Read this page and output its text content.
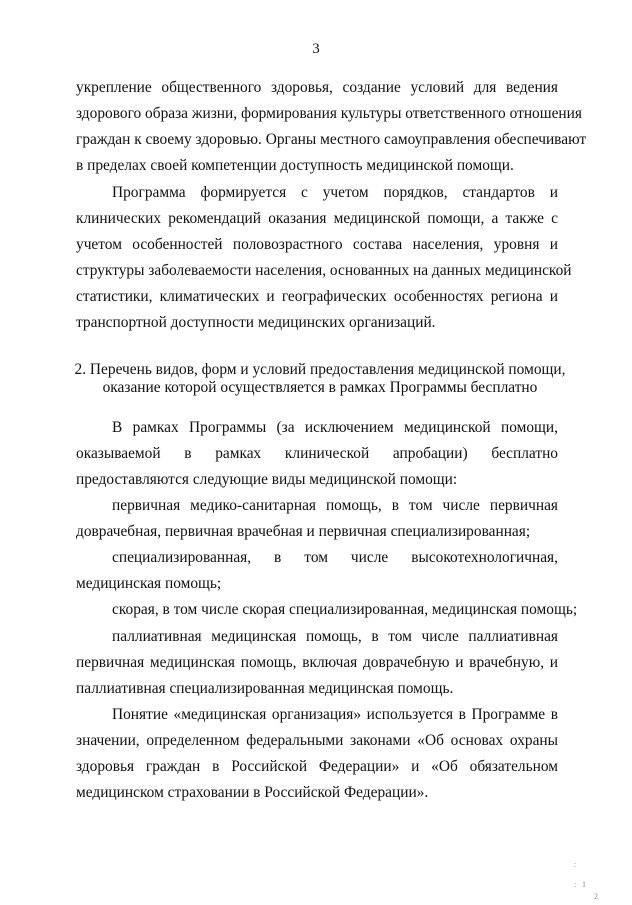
3
укрепление общественного здоровья, создание условий для ведения
здорового образа жизни, формирования культуры ответственного отношения
граждан к своему здоровью. Органы местного самоуправления обеспечивают
в пределах своей компетенции доступность медицинской помощи.
Программа формируется с учетом порядков, стандартов и
клинических рекомендаций оказания медицинской помощи, а также с
учетом особенностей половозрастного состава населения, уровня и
структуры заболеваемости населения, основанных на данных медицинской
статистики, климатических и географических особенностях региона и
транспортной доступности медицинских организаций.
2. Перечень видов, форм и условий предоставления медицинской помощи,
оказание которой осуществляется в рамках Программы бесплатно
В рамках Программы (за исключением медицинской помощи,
оказываемой в рамках клинической апробации) бесплатно
предоставляются следующие виды медицинской помощи:
первичная медико-санитарная помощь, в том числе первичная
доврачебная, первичная врачебная и первичная специализированная;
специализированная, в том числе высокотехнологичная,
медицинская помощь;
скорая, в том числе скорая специализированная, медицинская помощь;
паллиативная медицинская помощь, в том числе паллиативная
первичная медицинская помощь, включая доврачебную и врачебную, и
паллиативная специализированная медицинская помощь.
Понятие «медицинская организация» используется в Программе в
значении, определенном федеральными законами «Об основах охраны
здоровья граждан в Российской Федерации» и «Об обязательном
медицинском страховании в Российской Федерации».
:
: 1
2
